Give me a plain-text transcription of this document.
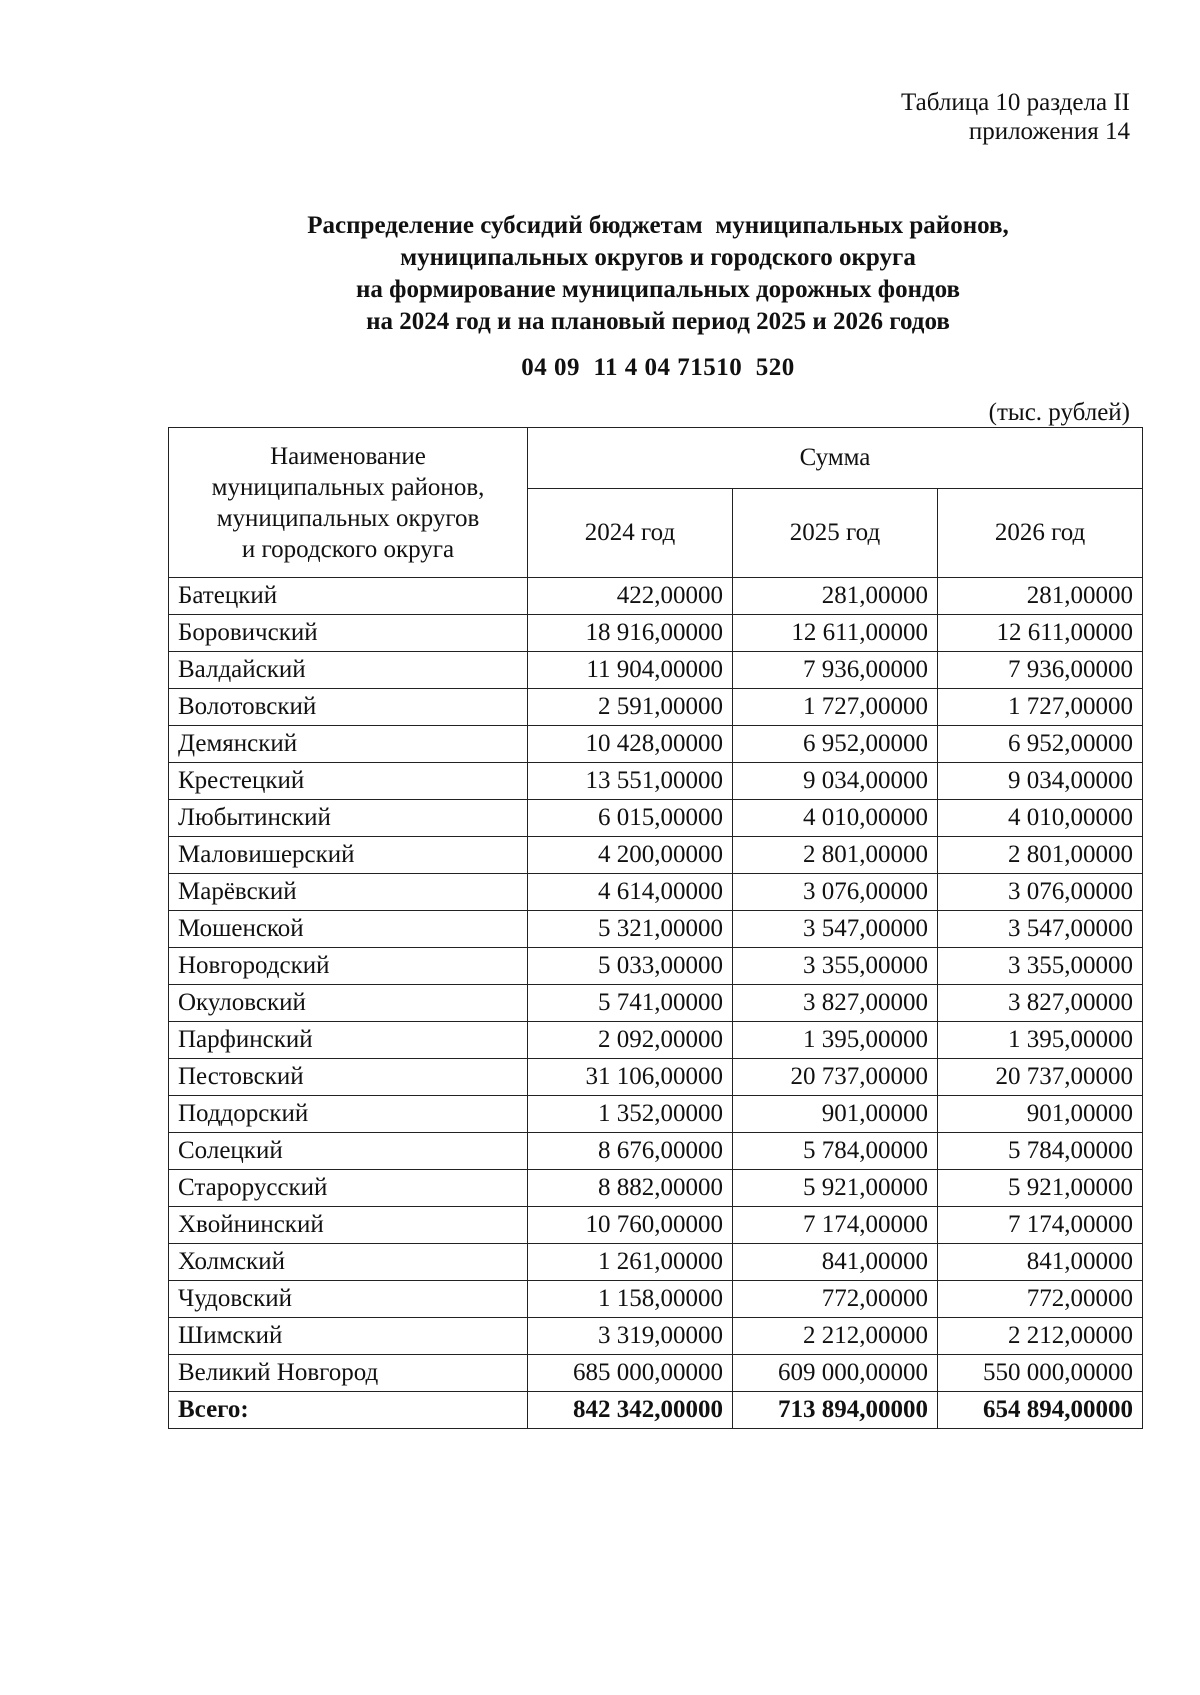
Таблица 10 раздела II
приложения 14
Распределение субсидий бюджетам  муниципальных районов,
муниципальных округов и городского округа
на формирование муниципальных дорожных фондов
на 2024 год и на плановый период 2025 и 2026 годов
04 09  11 4 04 71510  520
(тыс. рублей)
Наименование
муниципальных районов,
муниципальных округов
и городского округа	Сумма		
	2024 год	2025 год	2026 год
Батецкий	422,00000	281,00000	281,00000
Боровичский	18 916,00000	12 611,00000	12 611,00000
Валдайский	11 904,00000	7 936,00000	7 936,00000
Волотовский	2 591,00000	1 727,00000	1 727,00000
Демянский	10 428,00000	6 952,00000	6 952,00000
Крестецкий	13 551,00000	9 034,00000	9 034,00000
Любытинский	6 015,00000	4 010,00000	4 010,00000
Маловишерский	4 200,00000	2 801,00000	2 801,00000
Марёвский	4 614,00000	3 076,00000	3 076,00000
Мошенской	5 321,00000	3 547,00000	3 547,00000
Новгородский	5 033,00000	3 355,00000	3 355,00000
Окуловский	5 741,00000	3 827,00000	3 827,00000
Парфинский	2 092,00000	1 395,00000	1 395,00000
Пестовский	31 106,00000	20 737,00000	20 737,00000
Поддорский	1 352,00000	901,00000	901,00000
Солецкий	8 676,00000	5 784,00000	5 784,00000
Старорусский	8 882,00000	5 921,00000	5 921,00000
Хвойнинский	10 760,00000	7 174,00000	7 174,00000
Холмский	1 261,00000	841,00000	841,00000
Чудовский	1 158,00000	772,00000	772,00000
Шимский	3 319,00000	2 212,00000	2 212,00000
Великий Новгород	685 000,00000	609 000,00000	550 000,00000
Всего:	842 342,00000	713 894,00000	654 894,00000
